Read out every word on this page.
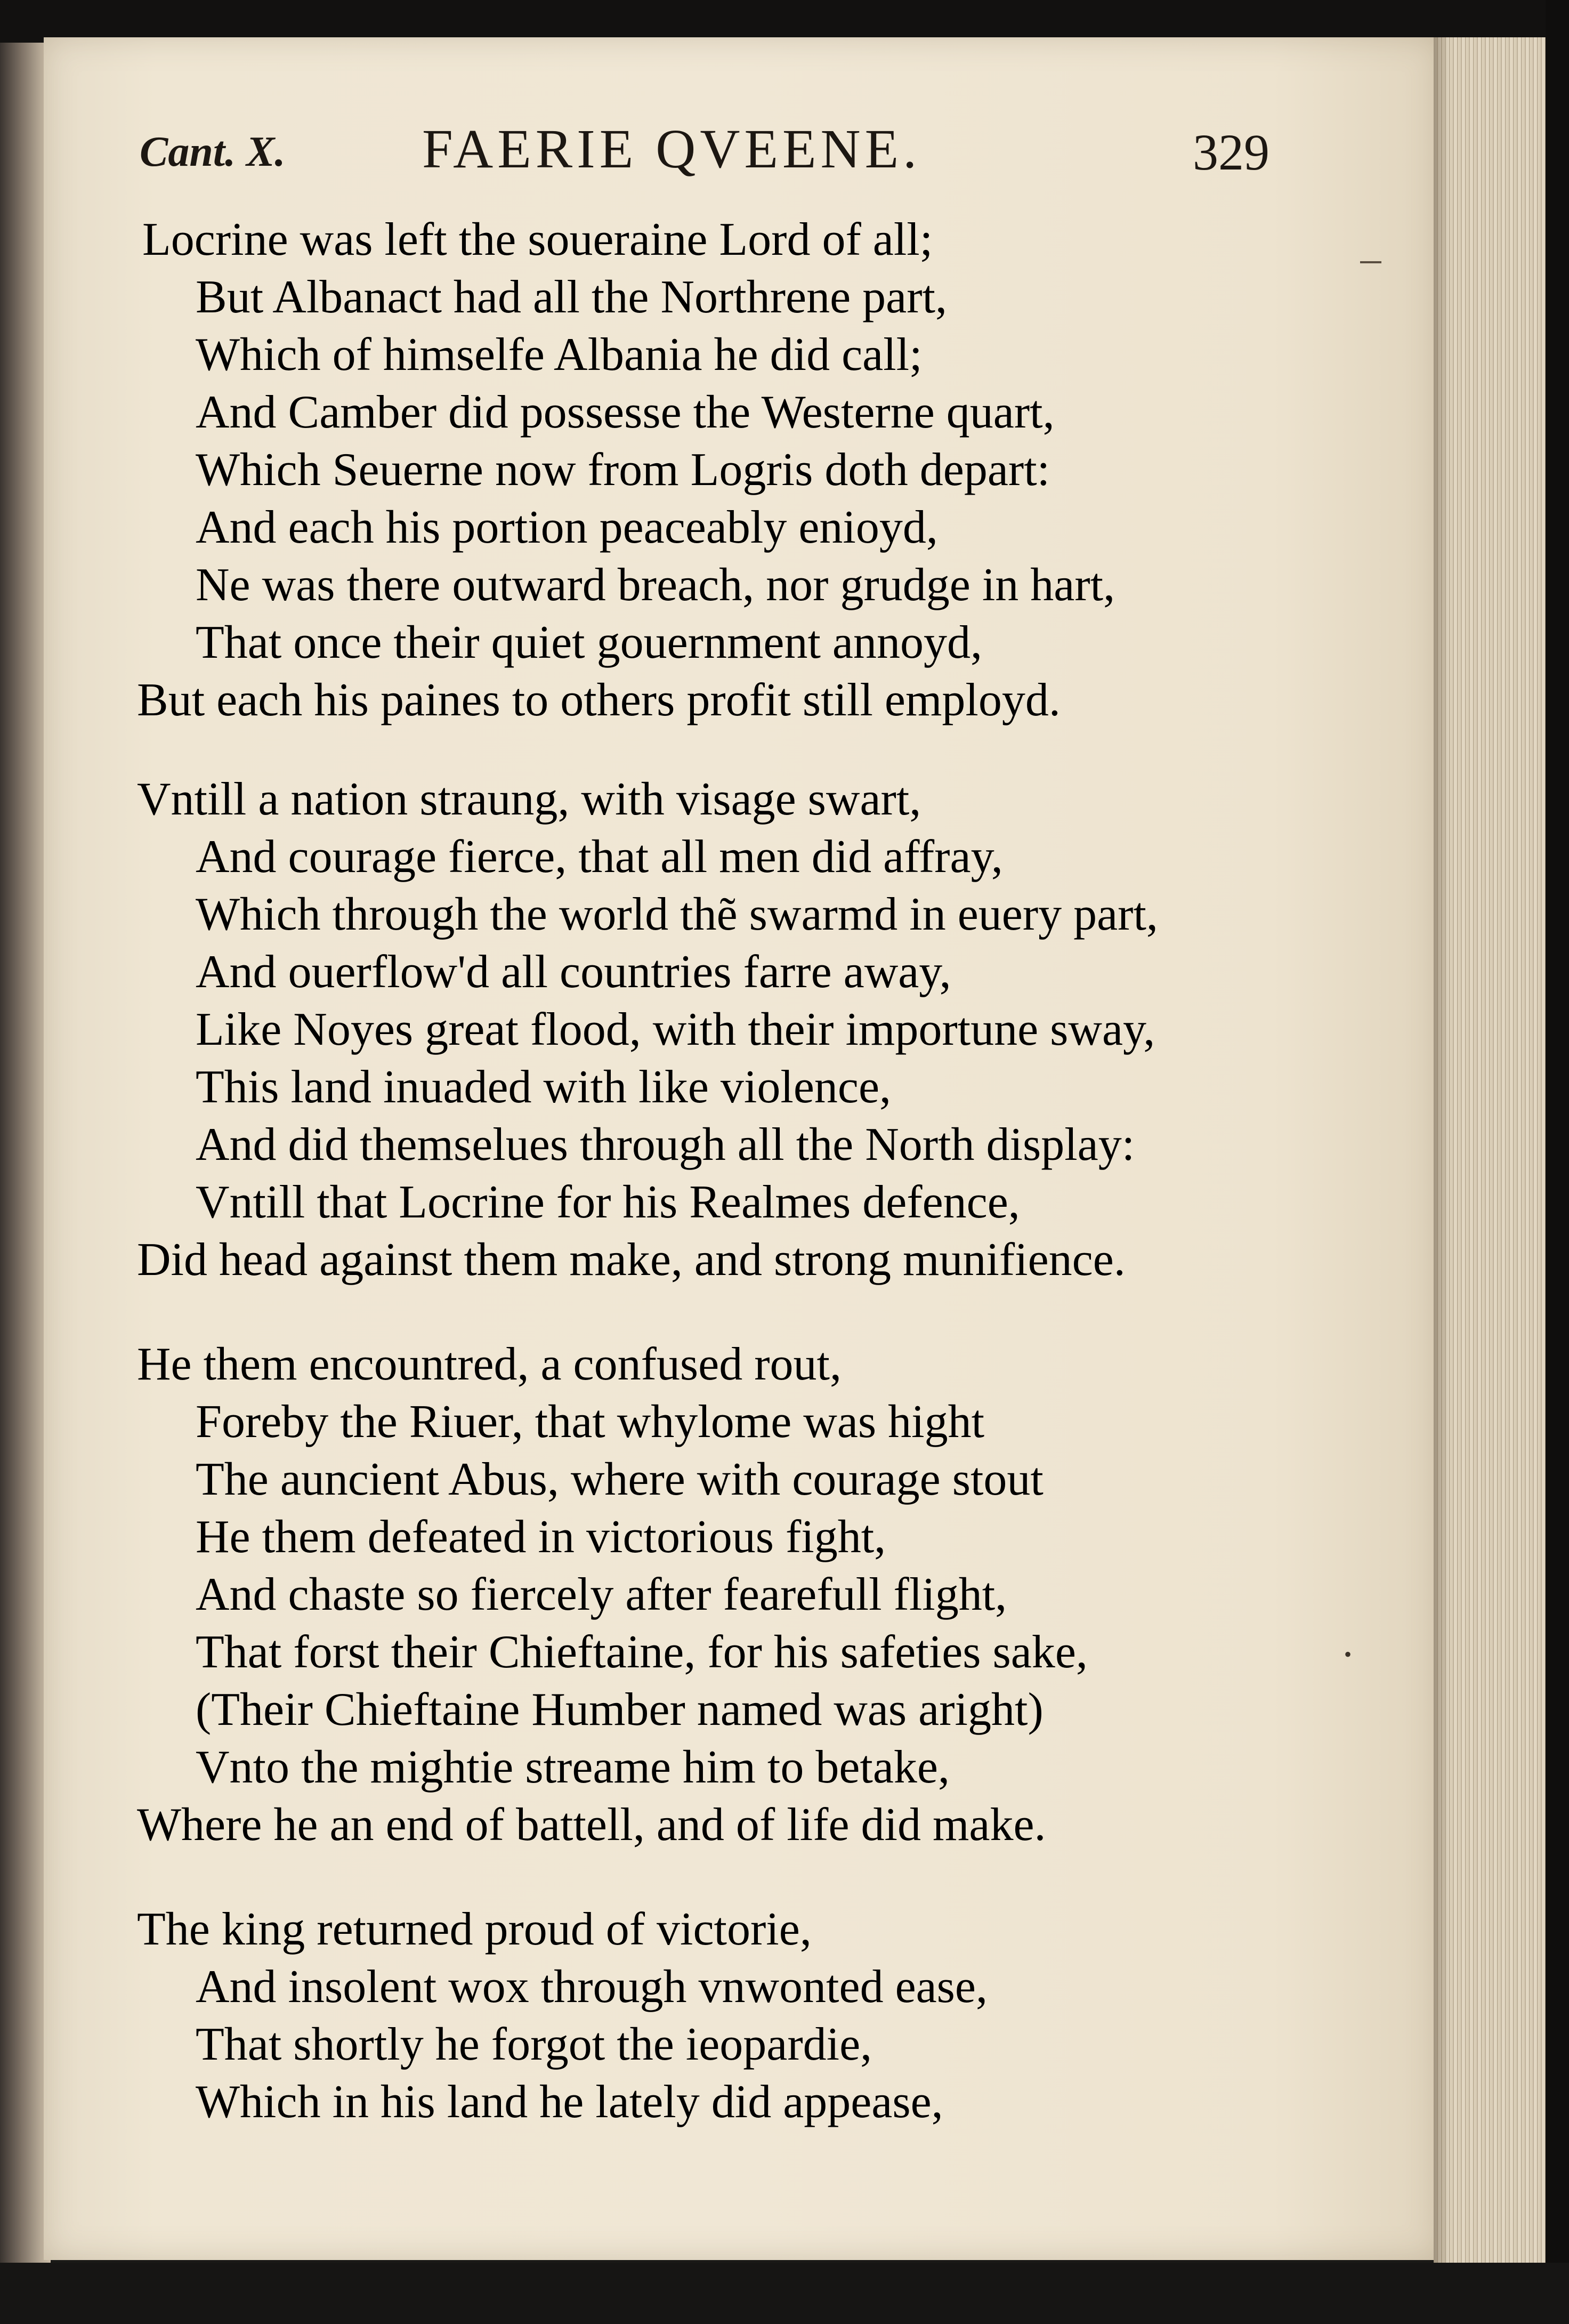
Cant. X. FAERIE QVEENE.	329
Locrine was left the soueraine Lord of all;
But Albanact had all the Northrene part,
Which of himselfe Albania he did call;
And Camber did possesse the Westerne quart,
Which Seuerne now from Logris doth depart:
And each his portion peaceably enioyd,
Ne was there outward breach, nor grudge in hart,
That once their quiet gouernment annoyd,
But each his paines to others profit still employd.
Vntill a nation straung, with visage swart,
And courage fierce, that all men did affray,
Which through the world thẽ swarmd in euery part,
And ouerflow'd all countries farre away,
Like Noyes great flood, with their importune sway,
This land inuaded with like violence,
And did themselues through all the North display:
Vntill that Locrine for his Realmes defence,
Did head against them make, and strong munifience.
He them encountred, a confused rout,
Foreby the Riuer, that whylome was hight
The auncient Abus, where with courage stout
He them defeated in victorious fight,
And chaste so fiercely after fearefull flight,
That forst their Chieftaine, for his safeties sake,
(Their Chieftaine Humber named was aright)
Vnto the mightie streame him to betake,
Where he an end of battell, and of life did make.
The king returned proud of victorie,
And insolent wox through vnwonted ease,
That shortly he forgot the ieopardie,
Which in his land he lately did appease,
•
